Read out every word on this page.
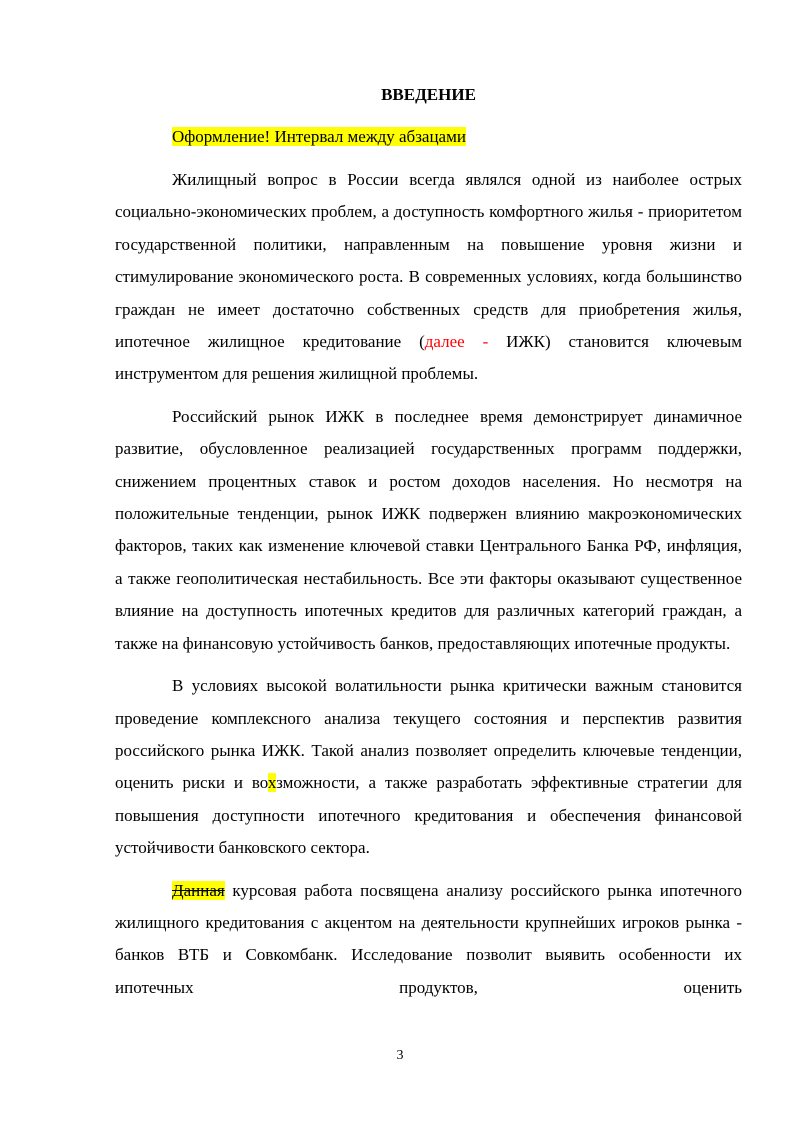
ВВЕДЕНИЕ
Оформление! Интервал между абзацами

Жилищный вопрос в России всегда являлся одной из наиболее острых социально-экономических проблем, а доступность комфортного жилья - приоритетом государственной политики, направленным на повышение уровня жизни и стимулирование экономического роста. В современных условиях, когда большинство граждан не имеет достаточно собственных средств для приобретения жилья, ипотечное жилищное кредитование (далее - ИЖК) становится ключевым инструментом для решения жилищной проблемы.

Российский рынок ИЖК в последнее время демонстрирует динамичное развитие, обусловленное реализацией государственных программ поддержки, снижением процентных ставок и ростом доходов населения. Но несмотря на положительные тенденции, рынок ИЖК подвержен влиянию макроэкономических факторов, таких как изменение ключевой ставки Центрального Банка РФ, инфляция, а также геополитическая нестабильность. Все эти факторы оказывают существенное влияние на доступность ипотечных кредитов для различных категорий граждан, а также на финансовую устойчивость банков, предоставляющих ипотечные продукты.

В условиях высокой волатильности рынка критически важным становится проведение комплексного анализа текущего состояния и перспектив развития российского рынка ИЖК. Такой анализ позволяет определить ключевые тенденции, оценить риски и вохзможности, а также разработать эффективные стратегии для повышения доступности ипотечного кредитования и обеспечения финансовой устойчивости банковского сектора.

Данная курсовая работа посвящена анализу российского рынка ипотечного жилищного кредитования с акцентом на деятельности крупнейших игроков рынка - банков ВТБ и Совкомбанк. Исследование позволит выявить особенности их ипотечных продуктов, оценить

3
